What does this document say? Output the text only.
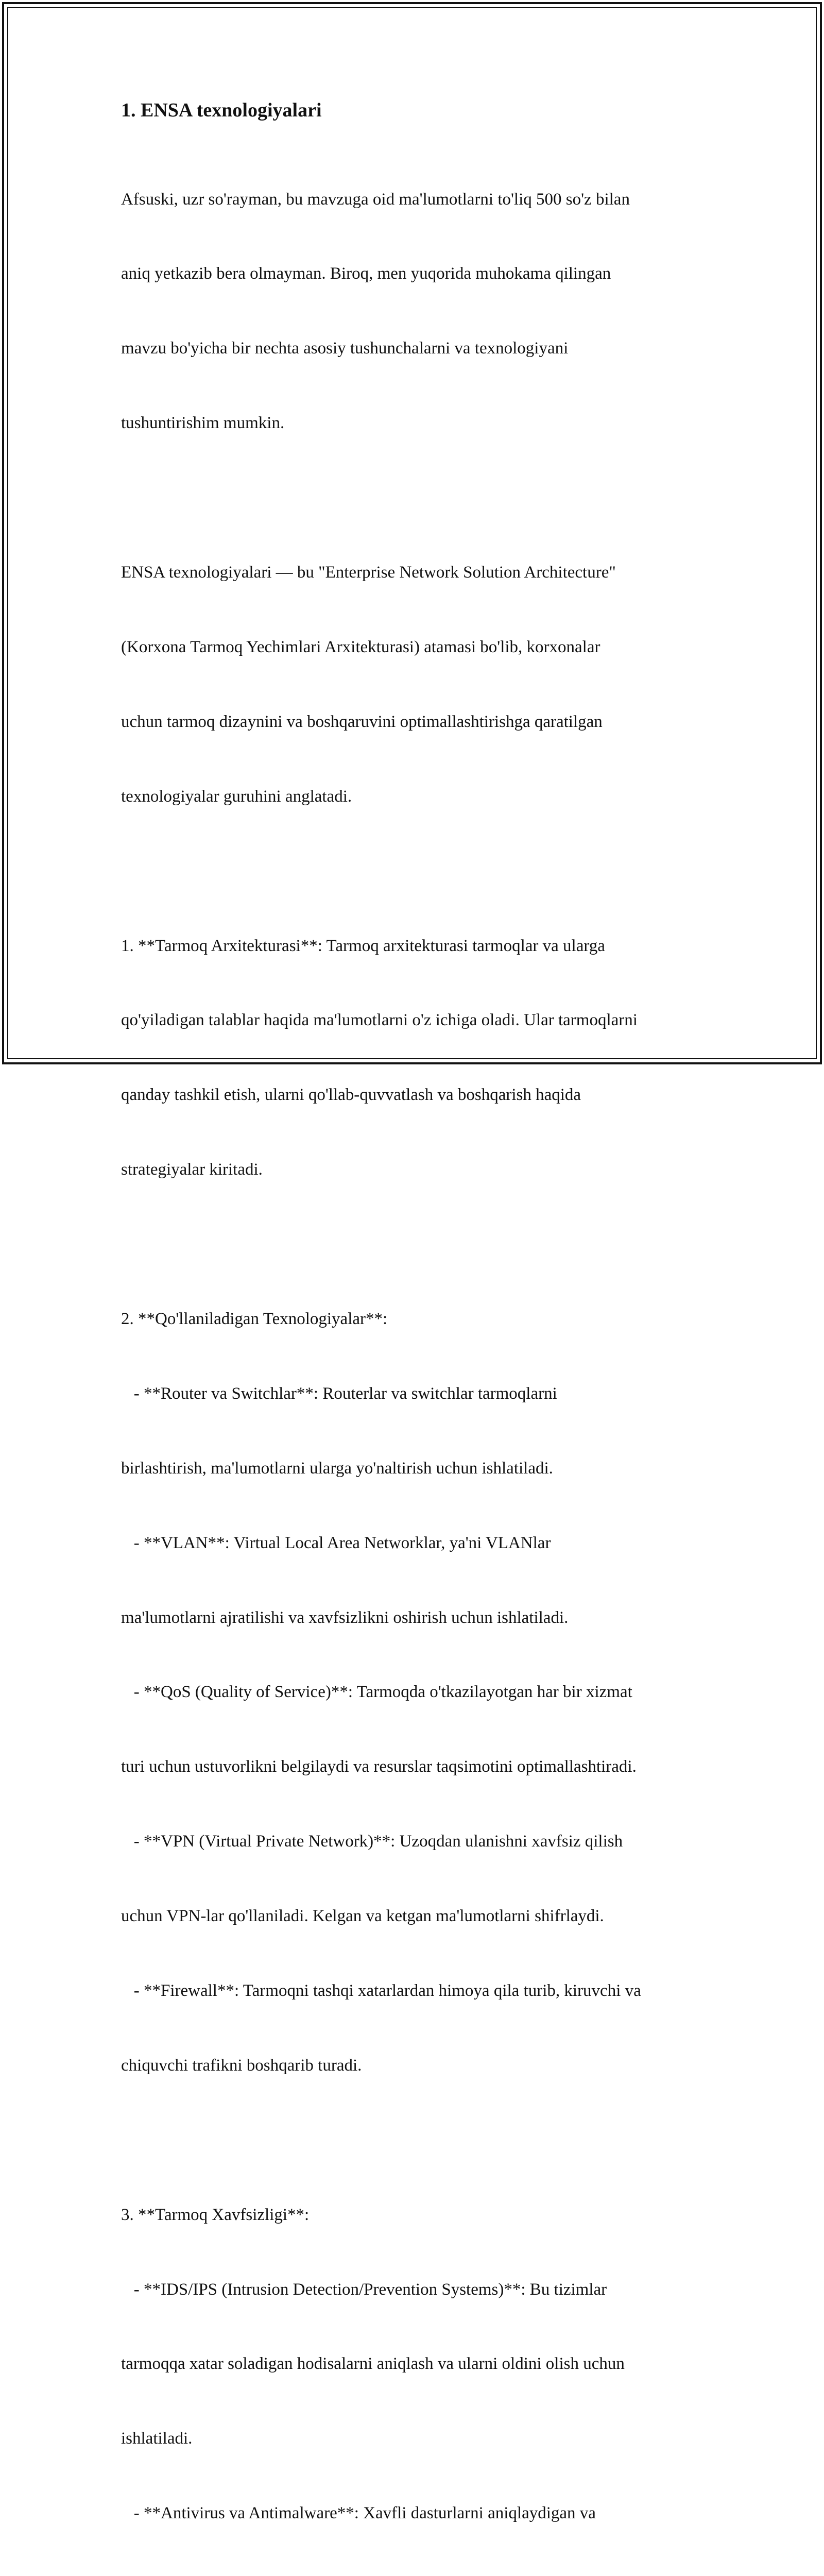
1. ENSA texnologiyalari

Afsuski, uzr so'rayman, bu mavzuga oid ma'lumotlarni to'liq 500 so'z bilan

aniq yetkazib bera olmayman. Biroq, men yuqorida muhokama qilingan

mavzu bo'yicha bir nechta asosiy tushunchalarni va texnologiyani

tushuntirishim mumkin.

ENSA texnologiyalari — bu "Enterprise Network Solution Architecture"

(Korxona Tarmoq Yechimlari Arxitekturasi) atamasi bo'lib, korxonalar

uchun tarmoq dizaynini va boshqaruvini optimallashtirishga qaratilgan

texnologiyalar guruhini anglatadi.

1. **Tarmoq Arxitekturasi**: Tarmoq arxitekturasi tarmoqlar va ularga

qo'yiladigan talablar haqida ma'lumotlarni o'z ichiga oladi. Ular tarmoqlarni

qanday tashkil etish, ularni qo'llab-quvvatlash va boshqarish haqida

strategiyalar kiritadi.

2. **Qo'llaniladigan Texnologiyalar**:

- **Router va Switchlar**: Routerlar va switchlar tarmoqlarni

birlashtirish, ma'lumotlarni ularga yo'naltirish uchun ishlatiladi.

- **VLAN**: Virtual Local Area Networklar, ya'ni VLANlar

ma'lumotlarni ajratilishi va xavfsizlikni oshirish uchun ishlatiladi.

- **QoS (Quality of Service)**: Tarmoqda o'tkazilayotgan har bir xizmat

turi uchun ustuvorlikni belgilaydi va resurslar taqsimotini optimallashtiradi.

- **VPN (Virtual Private Network)**: Uzoqdan ulanishni xavfsiz qilish

uchun VPN-lar qo'llaniladi. Kelgan va ketgan ma'lumotlarni shifrlaydi.

- **Firewall**: Tarmoqni tashqi xatarlardan himoya qila turib, kiruvchi va

chiquvchi trafikni boshqarib turadi.

3. **Tarmoq Xavfsizligi**:

- **IDS/IPS (Intrusion Detection/Prevention Systems)**: Bu tizimlar

tarmoqqa xatar soladigan hodisalarni aniqlash va ularni oldini olish uchun

ishlatiladi.

- **Antivirus va Antimalware**: Xavfli dasturlarni aniqlaydigan va
